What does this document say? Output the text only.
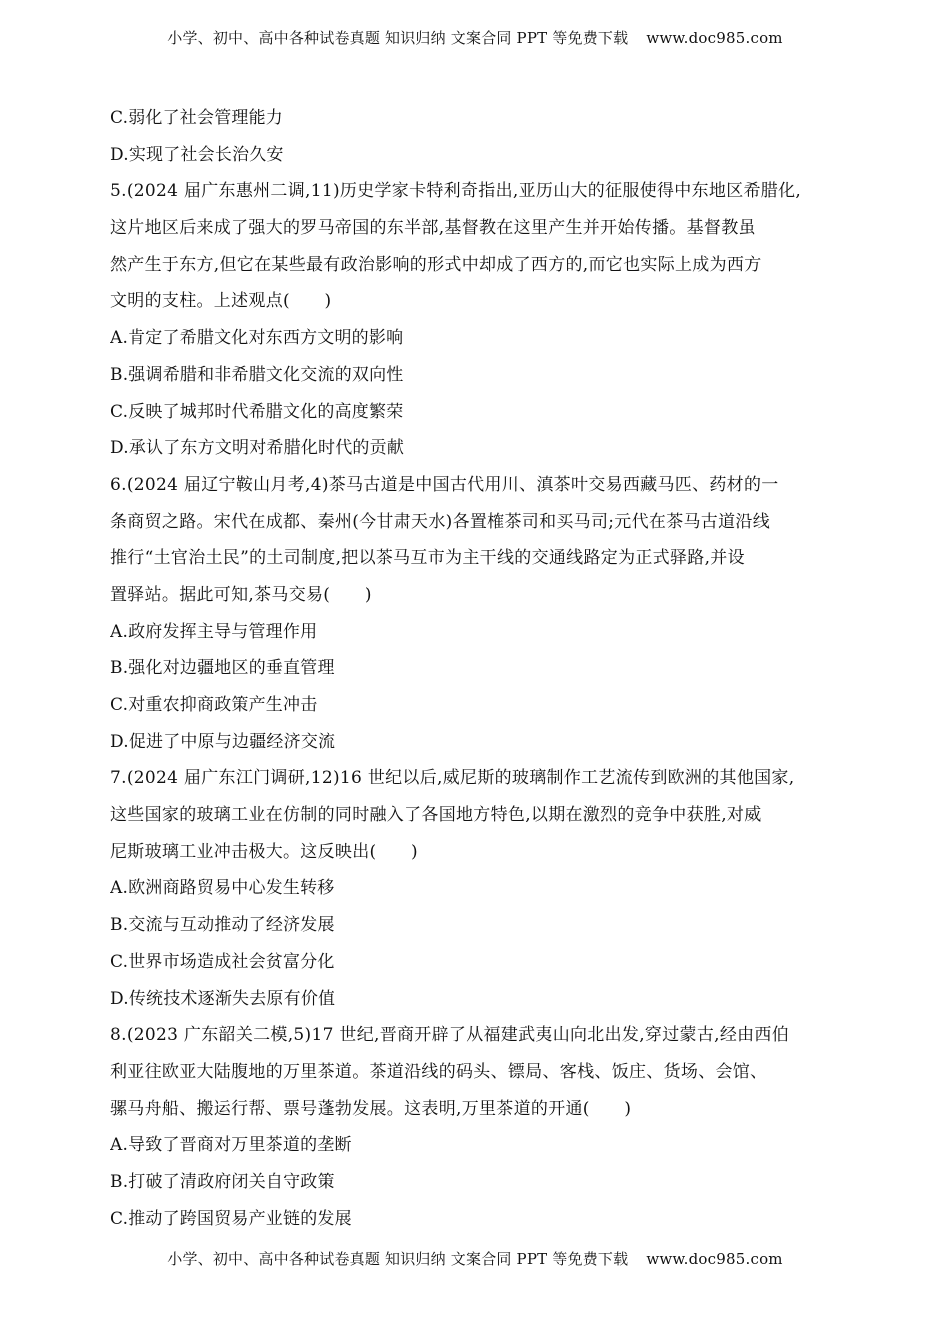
小学、初中、高中各种试卷真题 知识归纳 文案合同 PPT 等免费下载 www.doc985.com
C.弱化了社会管理能力
D.实现了社会长治久安
5.(2024 届广东惠州二调,11)历史学家卡特利奇指出,亚历山大的征服使得中东地区希腊化,
这片地区后来成了强大的罗马帝国的东半部,基督教在这里产生并开始传播。基督教虽
然产生于东方,但它在某些最有政治影响的形式中却成了西方的,而它也实际上成为西方
文明的支柱。上述观点(　　)
A.肯定了希腊文化对东西方文明的影响
B.强调希腊和非希腊文化交流的双向性
C.反映了城邦时代希腊文化的高度繁荣
D.承认了东方文明对希腊化时代的贡献
6.(2024 届辽宁鞍山月考,4)茶马古道是中国古代用川、滇茶叶交易西藏马匹、药材的一
条商贸之路。宋代在成都、秦州(今甘肃天水)各置榷茶司和买马司;元代在茶马古道沿线
推行“土官治土民”的土司制度,把以茶马互市为主干线的交通线路定为正式驿路,并设
置驿站。据此可知,茶马交易(　　)
A.政府发挥主导与管理作用
B.强化对边疆地区的垂直管理
C.对重农抑商政策产生冲击
D.促进了中原与边疆经济交流
7.(2024 届广东江门调研,12)16 世纪以后,威尼斯的玻璃制作工艺流传到欧洲的其他国家,
这些国家的玻璃工业在仿制的同时融入了各国地方特色,以期在激烈的竞争中获胜,对威
尼斯玻璃工业冲击极大。这反映出(　　)
A.欧洲商路贸易中心发生转移
B.交流与互动推动了经济发展
C.世界市场造成社会贫富分化
D.传统技术逐渐失去原有价值
8.(2023 广东韶关二模,5)17 世纪,晋商开辟了从福建武夷山向北出发,穿过蒙古,经由西伯
利亚往欧亚大陆腹地的万里茶道。茶道沿线的码头、镖局、客栈、饭庄、货场、会馆、
骡马舟船、搬运行帮、票号蓬勃发展。这表明,万里茶道的开通(　　)
A.导致了晋商对万里茶道的垄断
B.打破了清政府闭关自守政策
C.推动了跨国贸易产业链的发展
小学、初中、高中各种试卷真题 知识归纳 文案合同 PPT 等免费下载 www.doc985.com
